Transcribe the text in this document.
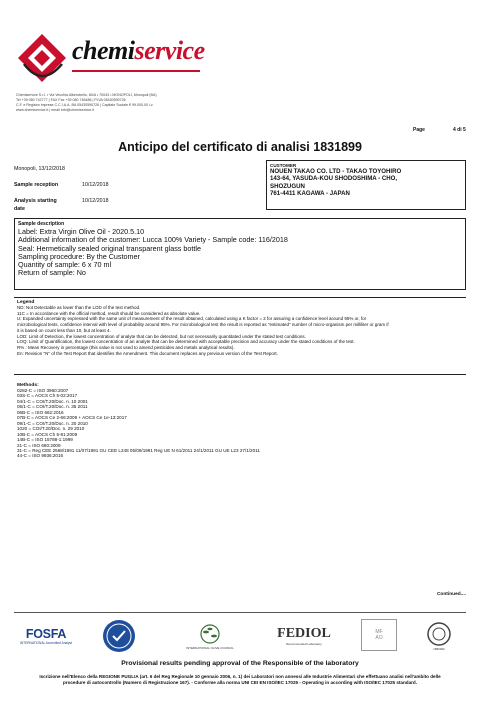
chemiservice
Chemiservice S.r.l. • Via Vecchia Alberobello, 80/A • 70043 • MONOPOLI, Monopoli (BA)
Tel +39 080 742777 | FAX Fax +39 080 746486 | P.IVA 05430590726
C.F. e Registro imprese C.C.I.A.A. BA 05430590726 | Capitale Sociale € 99.000,00 i.v.
www.chemiservice.it | email info@chemiservice.it
Page	4 di 5
Anticipo del certificato di analisi 1831899
Monopoli, 13/12/2018
Sample reception	10/12/2018
Analysis starting	10/12/2018
date
CUSTOMER
NOUEN TAKAO CO. LTD - TAKAO TOYOHIRO
143-64, YASUDA-KOU SHODOSHIMA - CHO,
SHOZUGUN
761-4411 KAGAWA - JAPAN
Sample description
Label: Extra Virgin Olive Oil - 2020.5.10
Additional information of the customer: Lucca 100% Variety - Sample code: 116/2018
Seal: Hermetically sealed original transparent glass bottle
Sampling procedure: By the Customer
Quantity of sample: 6 x 70 ml
Return of sample: No
Legend
ND: Not Detectable as lower than the LOD of the test method.
11C = In accordance with the official method, result should be considered as absolute value.
U: Expanded uncertainty expressed with the same unit of measurement of the result obtained, calculated using a K factor = 2 for assuring a confidence level around 95% or, for
microbiological tests, confidence interval with level of probability around 95%. For microbiological test the result is reported as "estimated" number of micro-organism per milliliter or gram if
it is based on count less than 10, but at least 4.
LOD: Limit of Detection, the lowest concentration of analyte that can be detected, but not necessarily quantitated under the stated test conditions.
LOQ: Limit of Quantification, the lowest concentration of an analyte that can be determined with acceptable precision and accuracy under the stated conditions of the test.
R% : Mean Recovery in percentage (this value is not used to amend pesticides and metals analytical results).
En: Revision "N" of the Test Report that identifies the Amendment. This document replaces any previous version of the Test Report.
Methods:
0282-C = ISO 3960:2007
03S-C = AOCS Ch 5-02:2017
04/1-C = COI/T.20/Doc. n. 10 2001
05/1-C = COI/T.20/Doc. n. 35 2011
06B-C = ISO 662:2016
07B-C = AOCS Ce 2-66:2009 + AOCS Ce 1e-13:2017
09/1-C = COI/T.20/Doc. n. 20 2010
1020 = COI/T.20/Doc. n. 29 2010
10B-C = AOCS Ch 5-91:2009
14B-C = ISO 15788-1:1999
21-C = ISO 660:2009
31-C = Reg CEE 2568/1991 11/07/1991 GU CEE L248 05/09/1991 Reg UE N 61/2011 24/1/2011 GU UE L23 27/1/2011
44-C = ISO 9936:2016
Continued....
FOSFA
INTERNATIONAL Accredited Analyst
INTERNATIONAL OLIVE COUNCIL
FEDIOL
Recommended Laboratory
MF
AO
1899002
Provisional results pending approval of the Responsible of the laboratory
Iscrizione nell'Elenco della REGIONE PUGLIA (art. 6 del Reg Regionale 10 gennaio 2006, n. 1) dei Laboratori non annessi alle Industrie Alimentari che effettuano analisi nell'ambito delle
procedure di autocontrollo (Numero di Registrazione 167). - Conforme alla norma UNI CEI EN ISO/IEC 17025 - Operating in according with ISO/IEC 17025 standard.
